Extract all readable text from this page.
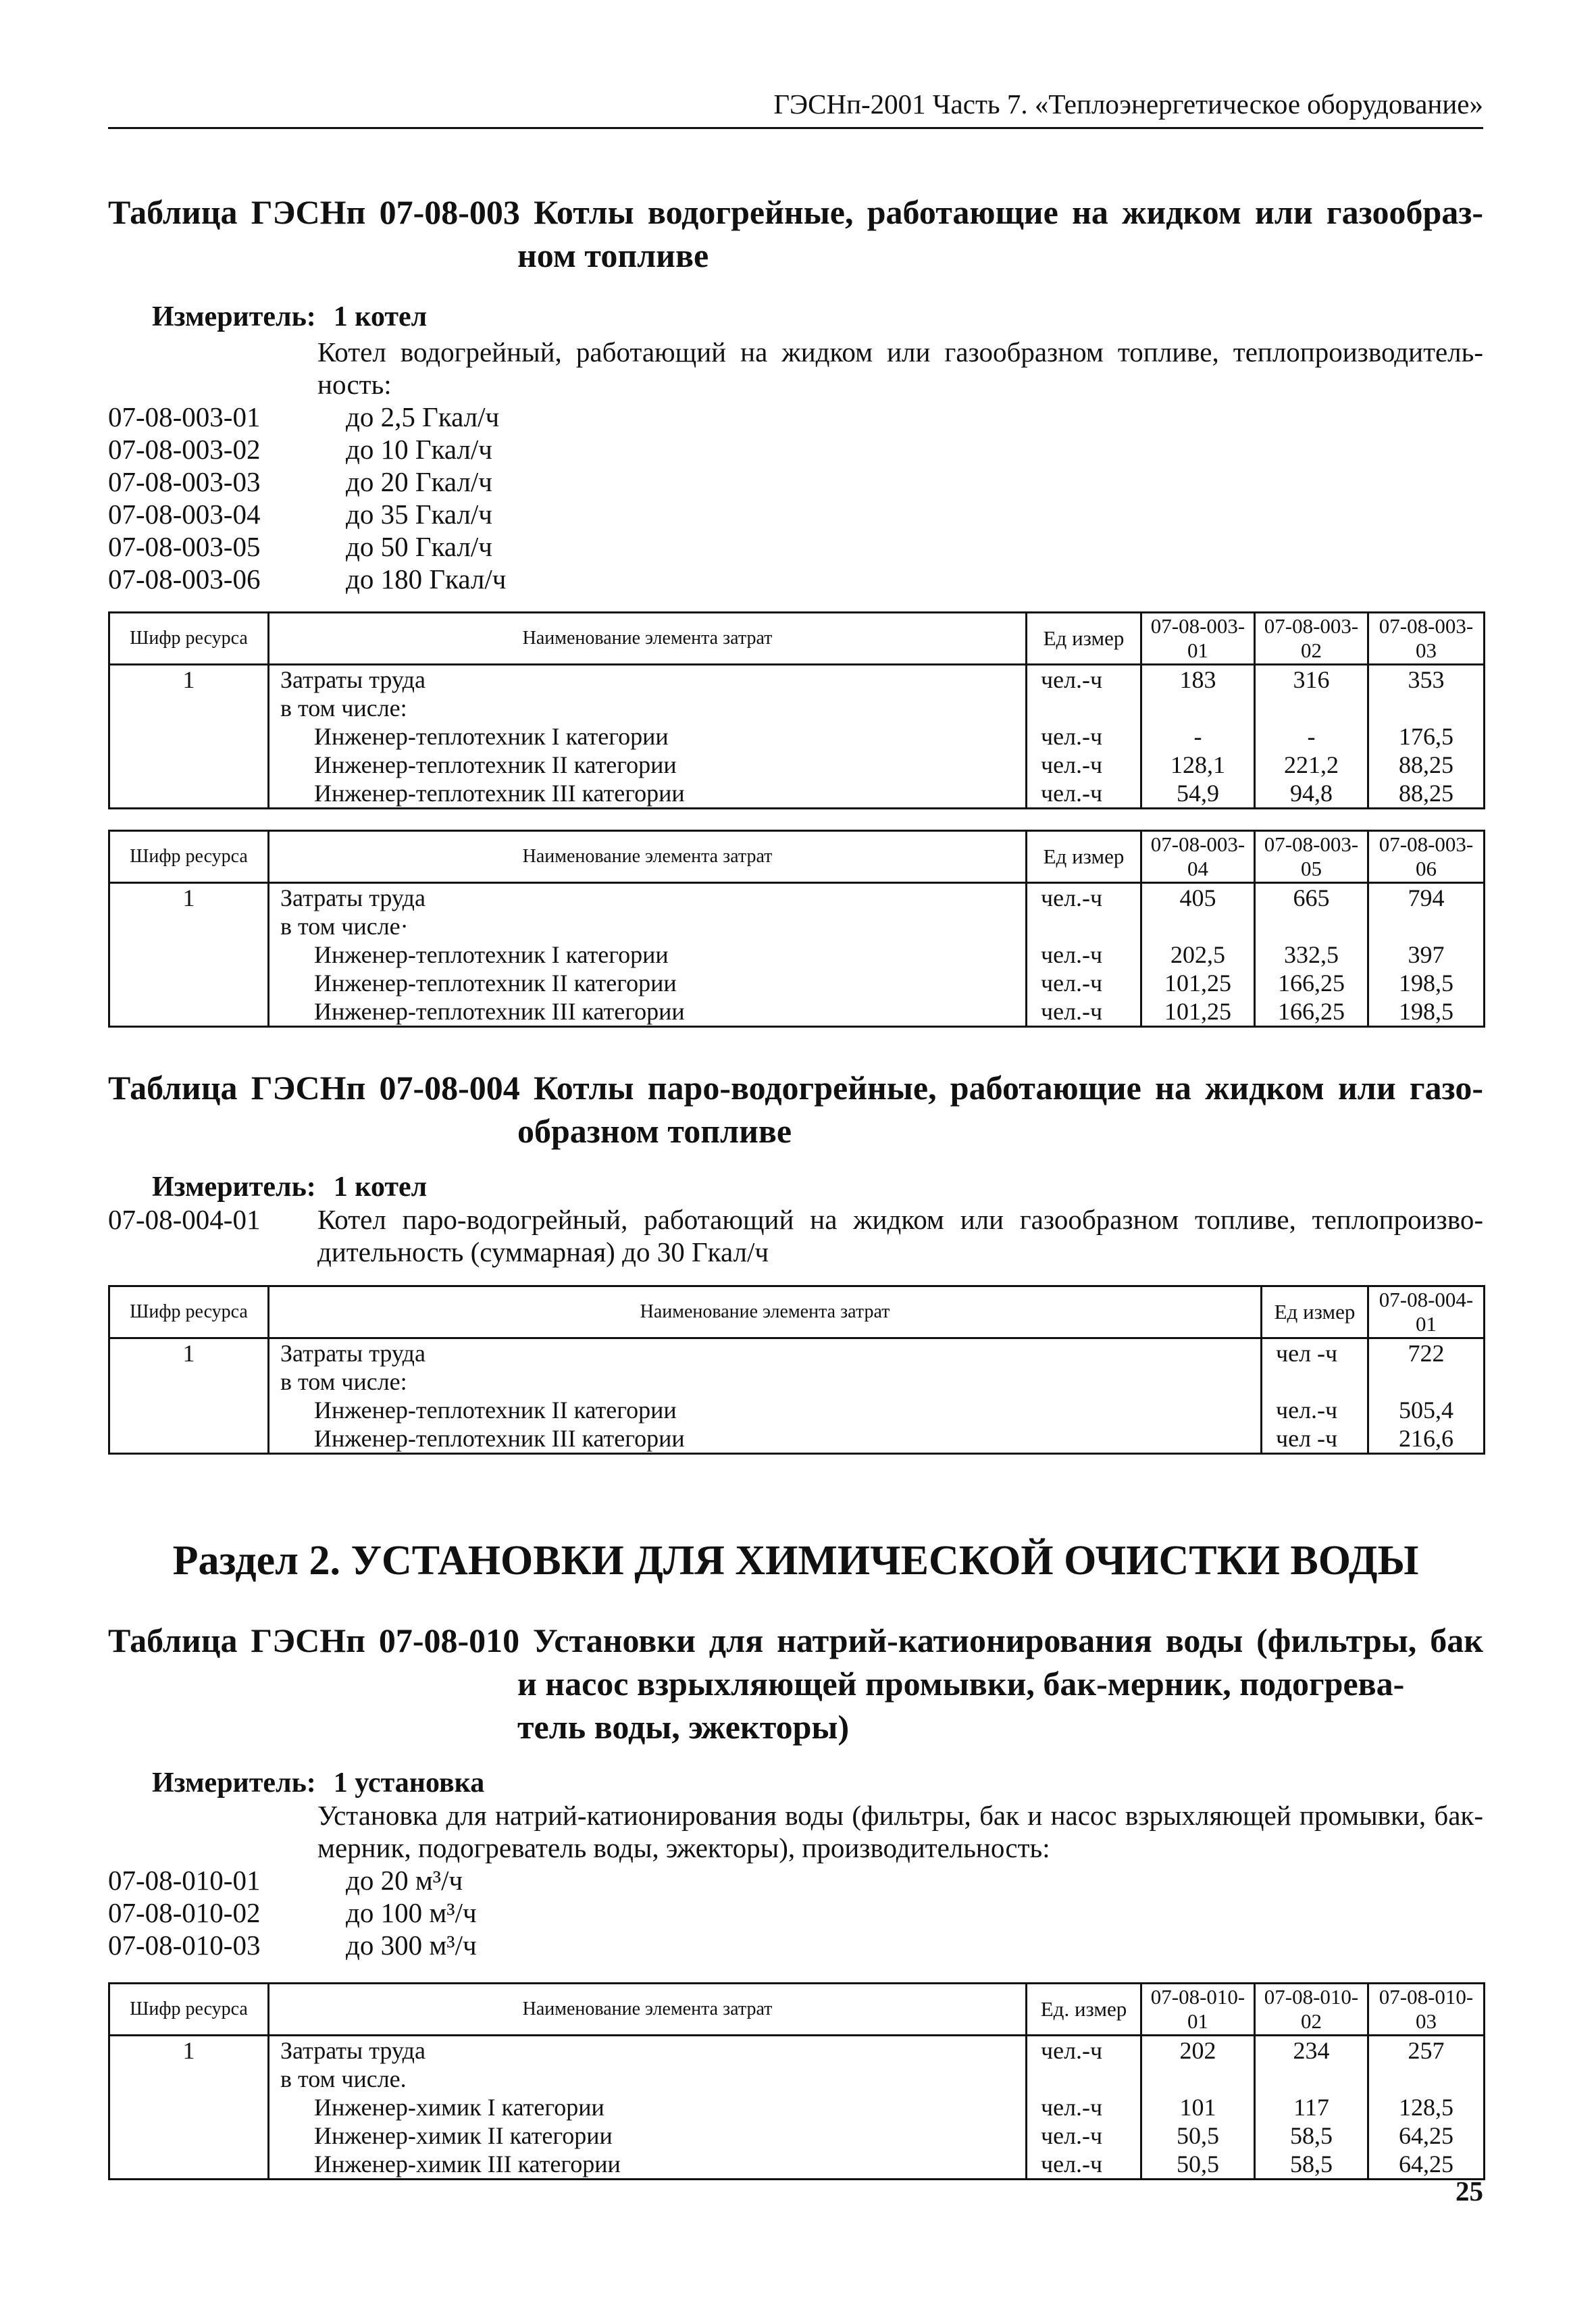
ГЭСНп-2001 Часть 7. «Теплоэнергетическое оборудование»
Таблица ГЭСНп 07-08-003 Котлы водогрейные, работающие на жидком или газообраз-
ном топливе
Измеритель: 1 котел
Котел водогрейный, работающий на жидком или газообразном топливе, теплопроизводитель-ность:
07-08-003-01	до 2,5 Гкал/ч
07-08-003-02	до 10 Гкал/ч
07-08-003-03	до 20 Гкал/ч
07-08-003-04	до 35 Гкал/ч
07-08-003-05	до 50 Гкал/ч
07-08-003-06	до 180 Гкал/ч
Шифр ресурса	Наименование элемента затрат	Ед измер	07-08-003-01	07-08-003-02	07-08-003-03
1	Затраты труда	чел.-ч	183	316	353
	в том числе:				
	Инженер-теплотехник I категории	чел.-ч	-	-	176,5
	Инженер-теплотехник II категории	чел.-ч	128,1	221,2	88,25
	Инженер-теплотехник III категории	чел.-ч	54,9	94,8	88,25
Шифр ресурса	Наименование элемента затрат	Ед измер	07-08-003-04	07-08-003-05	07-08-003-06
1	Затраты труда	чел.-ч	405	665	794
	в том числе·				
	Инженер-теплотехник I категории	чел.-ч	202,5	332,5	397
	Инженер-теплотехник II категории	чел.-ч	101,25	166,25	198,5
	Инженер-теплотехник III категории	чел.-ч	101,25	166,25	198,5
Таблица ГЭСНп 07-08-004 Котлы паро-водогрейные, работающие на жидком или газо-
образном топливе
Измеритель: 1 котел
07-08-004-01	Котел паро-водогрейный, работающий на жидком или газообразном топливе, теплопроизво-дительность (суммарная) до 30 Гкал/ч
Шифр ресурса	Наименование элемента затрат	Ед измер	07-08-004-01
1	Затраты труда	чел -ч	722
	в том числе:		
	Инженер-теплотехник II категории	чел.-ч	505,4
	Инженер-теплотехник III категории	чел -ч	216,6
Раздел 2. УСТАНОВКИ ДЛЯ ХИМИЧЕСКОЙ ОЧИСТКИ ВОДЫ
Таблица ГЭСНп 07-08-010 Установки для натрий-катионирования воды (фильтры, бак
и насос взрыхляющей промывки, бак-мерник, подогрева-
тель воды, эжекторы)
Измеритель: 1 установка
Установка для натрий-катионирования воды (фильтры, бак и насос взрыхляющей промывки, бак-мерник, подогреватель воды, эжекторы), производительность:
07-08-010-01	до 20 м³/ч
07-08-010-02	до 100 м³/ч
07-08-010-03	до 300 м³/ч
Шифр ресурса	Наименование элемента затрат	Ед. измер	07-08-010-01	07-08-010-02	07-08-010-03
1	Затраты труда	чел.-ч	202	234	257
	в том числе.				
	Инженер-химик I категории	чел.-ч	101	117	128,5
	Инженер-химик II категории	чел.-ч	50,5	58,5	64,25
	Инженер-химик III категории	чел.-ч	50,5	58,5	64,25
25
